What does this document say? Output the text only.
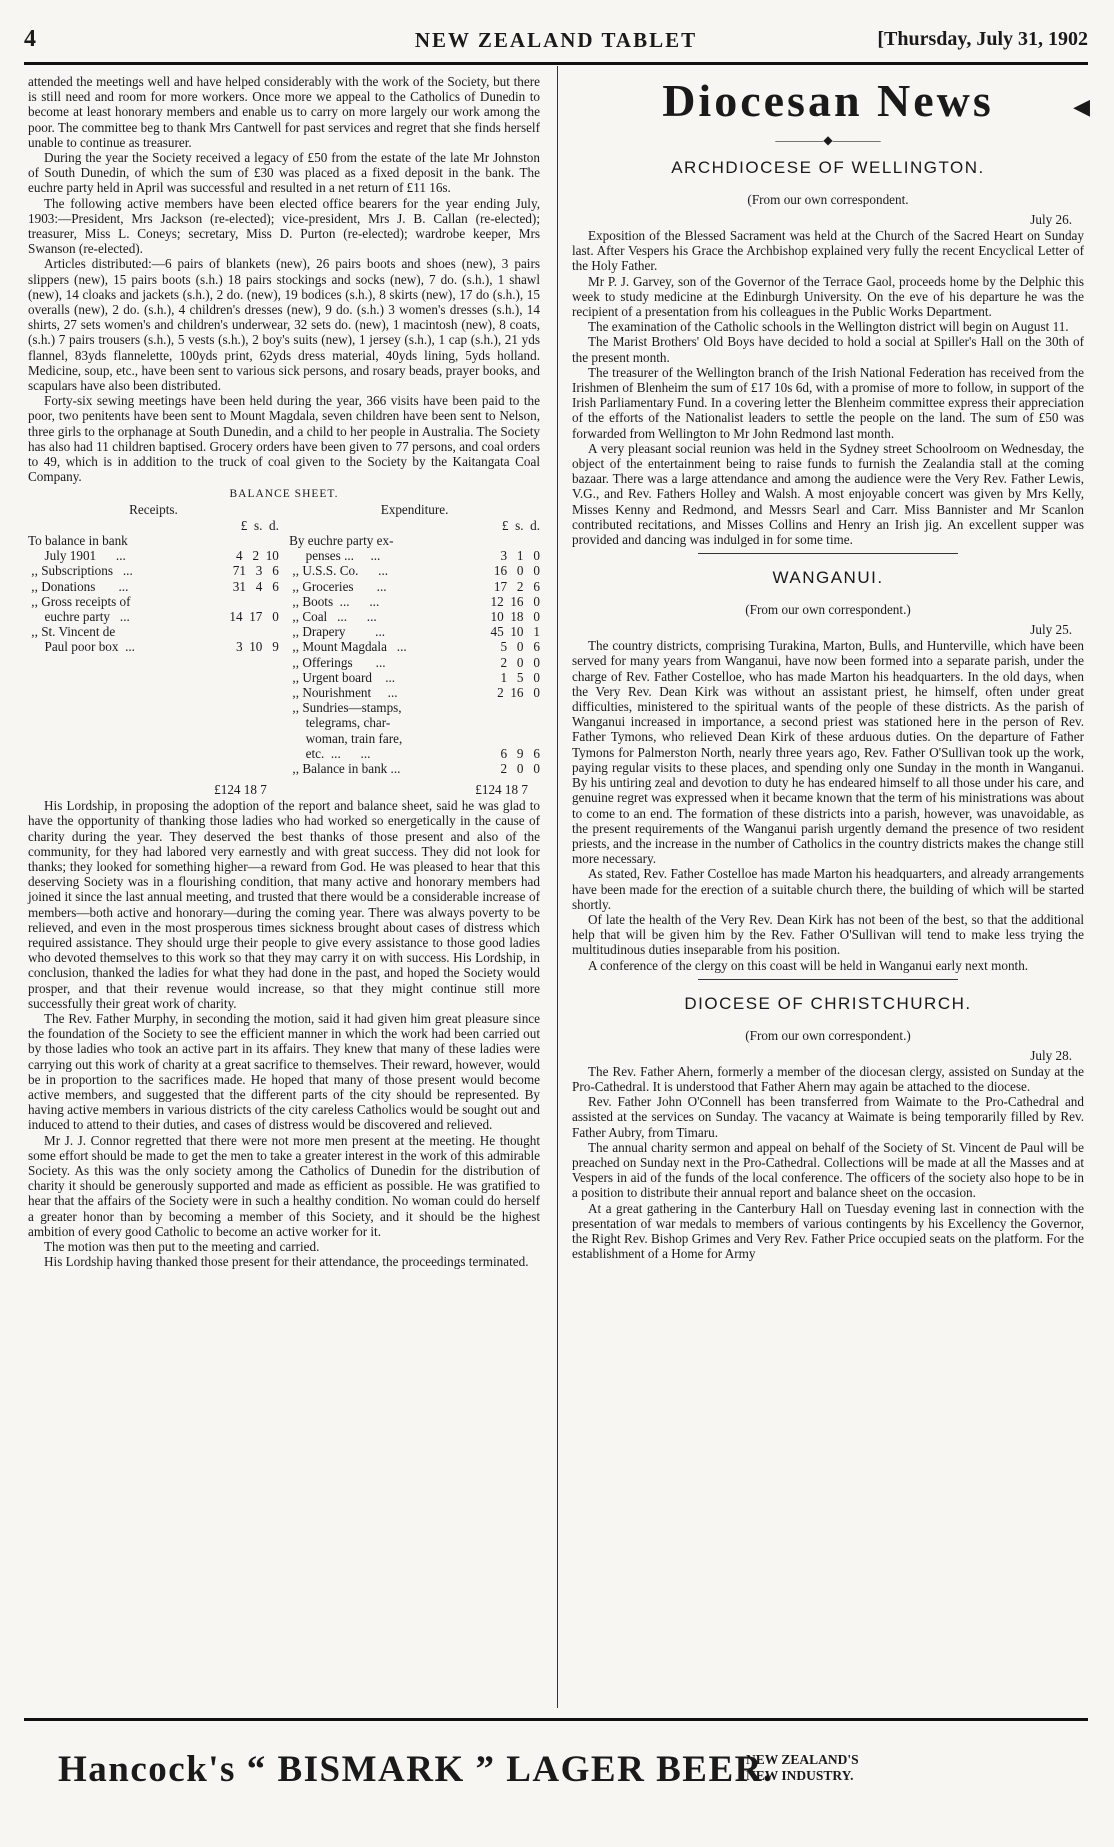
4	NEW ZEALAND TABLET	[Thursday, July 31, 1902

attended the meetings well and have helped considerably with the work of the Society, but there is still need and room for more workers. Once more we appeal to the Catholics of Dunedin to become at least honorary members and enable us to carry on more largely our work among the poor. The committee beg to thank Mrs Cantwell for past services and regret that she finds herself unable to continue as treasurer.

During the year the Society received a legacy of £50 from the estate of the late Mr Johnston of South Dunedin, of which the sum of £30 was placed as a fixed deposit in the bank. The euchre party held in April was successful and resulted in a net return of £11 16s.

The following active members have been elected office bearers for the year ending July, 1903:—President, Mrs Jackson (re-elected); vice-president, Mrs J. B. Callan (re-elected); treasurer, Miss L. Coneys; secretary, Miss D. Purton (re-elected); wardrobe keeper, Mrs Swanson (re-elected).

Articles distributed:—6 pairs of blankets (new), 26 pairs boots and shoes (new), 3 pairs slippers (new), 15 pairs boots (s.h.) 18 pairs stockings and socks (new), 7 do. (s.h.), 1 shawl (new), 14 cloaks and jackets (s.h.), 2 do. (new), 19 bodices (s.h.), 8 skirts (new), 17 do (s.h.), 15 overalls (new), 2 do. (s.h.), 4 children's dresses (new), 9 do. (s.h.) 3 women's dresses (s.h.), 14 shirts, 27 sets women's and children's underwear, 32 sets do. (new), 1 macintosh (new), 8 coats, (s.h.) 7 pairs trousers (s.h.), 5 vests (s.h.), 2 boy's suits (new), 1 jersey (s.h.), 1 cap (s.h.), 21 yds flannel, 83yds flannelette, 100yds print, 62yds dress material, 40yds lining, 5yds holland. Medicine, soup, etc., have been sent to various sick persons, and rosary beads, prayer books, and scapulars have also been distributed.

Forty-six sewing meetings have been held during the year, 366 visits have been paid to the poor, two penitents have been sent to Mount Magdala, seven children have been sent to Nelson, three girls to the orphanage at South Dunedin, and a child to her people in Australia. The Society has also had 11 children baptised. Grocery orders have been given to 77 persons, and coal orders to 49, which is in addition to the truck of coal given to the Society by the Kaitangata Coal Company.

BALANCE SHEET.
Receipts.
£  s.  d.
To balance in bank
July 1901      ...	4   2  10
,, Subscriptions   ...	71   3   6
,, Donations       ...	31   4   6
,, Gross receipts of
euchre party   ...	14  17   0
,, St. Vincent de
Paul poor box  ...	3  10   9
Expenditure.
£  s.  d.
By euchre party ex-
penses ...     ...	3   1   0
,, U.S.S. Co.      ...	16   0   0
,, Groceries       ...	17   2   6
,, Boots  ...      ...	12  16   0
,, Coal   ...      ...	10  18   0
,, Drapery         ...	45  10   1
,, Mount Magdala   ...	5   0   6
,, Offerings       ...	2   0   0
,, Urgent board    ...	1   5   0
,, Nourishment     ...	2  16   0
,, Sundries—stamps,
telegrams, char-
woman, train fare,
etc.  ...      ...	6   9   6
,, Balance in bank ...	2   0   0
£124 18 7	£124 18 7

His Lordship, in proposing the adoption of the report and balance sheet, said he was glad to have the opportunity of thanking those ladies who had worked so energetically in the cause of charity during the year. They deserved the best thanks of those present and also of the community, for they had labored very earnestly and with great success. They did not look for thanks; they looked for something higher—a reward from God. He was pleased to hear that this deserving Society was in a flourishing condition, that many active and honorary members had joined it since the last annual meeting, and trusted that there would be a considerable increase of members—both active and honorary—during the coming year. There was always poverty to be relieved, and even in the most prosperous times sickness brought about cases of distress which required assistance. They should urge their people to give every assistance to those good ladies who devoted themselves to this work so that they may carry it on with success. His Lordship, in conclusion, thanked the ladies for what they had done in the past, and hoped the Society would prosper, and that their revenue would increase, so that they might continue still more successfully their great work of charity.

The Rev. Father Murphy, in seconding the motion, said it had given him great pleasure since the foundation of the Society to see the efficient manner in which the work had been carried out by those ladies who took an active part in its affairs. They knew that many of these ladies were carrying out this work of charity at a great sacrifice to themselves. Their reward, however, would be in proportion to the sacrifices made. He hoped that many of those present would become active members, and suggested that the different parts of the city should be represented. By having active members in various districts of the city careless Catholics would be sought out and induced to attend to their duties, and cases of distress would be discovered and relieved.

Mr J. J. Connor regretted that there were not more men present at the meeting. He thought some effort should be made to get the men to take a greater interest in the work of this admirable Society. As this was the only society among the Catholics of Dunedin for the distribution of charity it should be generously supported and made as efficient as possible. He was gratified to hear that the affairs of the Society were in such a healthy condition. No woman could do herself a greater honor than by becoming a member of this Society, and it should be the highest ambition of every good Catholic to become an active worker for it.

The motion was then put to the meeting and carried.

His Lordship having thanked those present for their attendance, the proceedings terminated.

Diocesan News	◀
————◆————
ARCHDIOCESE OF WELLINGTON.
(From our own correspondent.
July 26.

Exposition of the Blessed Sacrament was held at the Church of the Sacred Heart on Sunday last. After Vespers his Grace the Archbishop explained very fully the recent Encyclical Letter of the Holy Father.

Mr P. J. Garvey, son of the Governor of the Terrace Gaol, proceeds home by the Delphic this week to study medicine at the Edinburgh University. On the eve of his departure he was the recipient of a presentation from his colleagues in the Public Works Department.

The examination of the Catholic schools in the Wellington district will begin on August 11.

The Marist Brothers' Old Boys have decided to hold a social at Spiller's Hall on the 30th of the present month.

The treasurer of the Wellington branch of the Irish National Federation has received from the Irishmen of Blenheim the sum of £17 10s 6d, with a promise of more to follow, in support of the Irish Parliamentary Fund. In a covering letter the Blenheim committee express their appreciation of the efforts of the Nationalist leaders to settle the people on the land. The sum of £50 was forwarded from Wellington to Mr John Redmond last month.

A very pleasant social reunion was held in the Sydney street Schoolroom on Wednesday, the object of the entertainment being to raise funds to furnish the Zealandia stall at the coming bazaar. There was a large attendance and among the audience were the Very Rev. Father Lewis, V.G., and Rev. Fathers Holley and Walsh. A most enjoyable concert was given by Mrs Kelly, Misses Kenny and Redmond, and Messrs Searl and Carr. Miss Bannister and Mr Scanlon contributed recitations, and Misses Collins and Henry an Irish jig. An excellent supper was provided and dancing was indulged in for some time.

WANGANUI.
(From our own correspondent.)
July 25.

The country districts, comprising Turakina, Marton, Bulls, and Hunterville, which have been served for many years from Wanganui, have now been formed into a separate parish, under the charge of Rev. Father Costelloe, who has made Marton his headquarters. In the old days, when the Very Rev. Dean Kirk was without an assistant priest, he himself, often under great difficulties, ministered to the spiritual wants of the people of these districts. As the parish of Wanganui increased in importance, a second priest was stationed here in the person of Rev. Father Tymons, who relieved Dean Kirk of these arduous duties. On the departure of Father Tymons for Palmerston North, nearly three years ago, Rev. Father O'Sullivan took up the work, paying regular visits to these places, and spending only one Sunday in the month in Wanganui. By his untiring zeal and devotion to duty he has endeared himself to all those under his care, and genuine regret was expressed when it became known that the term of his ministrations was about to come to an end. The formation of these districts into a parish, however, was unavoidable, as the present requirements of the Wanganui parish urgently demand the presence of two resident priests, and the increase in the number of Catholics in the country districts makes the change still more necessary.

As stated, Rev. Father Costelloe has made Marton his headquarters, and already arrangements have been made for the erection of a suitable church there, the building of which will be started shortly.

Of late the health of the Very Rev. Dean Kirk has not been of the best, so that the additional help that will be given him by the Rev. Father O'Sullivan will tend to make less trying the multitudinous duties inseparable from his position.

A conference of the clergy on this coast will be held in Wanganui early next month.

DIOCESE OF CHRISTCHURCH.
(From our own correspondent.)
July 28.

The Rev. Father Ahern, formerly a member of the diocesan clergy, assisted on Sunday at the Pro-Cathedral. It is understood that Father Ahern may again be attached to the diocese.

Rev. Father John O'Connell has been transferred from Waimate to the Pro-Cathedral and assisted at the services on Sunday. The vacancy at Waimate is being temporarily filled by Rev. Father Aubry, from Timaru.

The annual charity sermon and appeal on behalf of the Society of St. Vincent de Paul will be preached on Sunday next in the Pro-Cathedral. Collections will be made at all the Masses and at Vespers in aid of the funds of the local conference. The officers of the society also hope to be in a position to distribute their annual report and balance sheet on the occasion.

At a great gathering in the Canterbury Hall on Tuesday evening last in connection with the presentation of war medals to members of various contingents by his Excellency the Governor, the Right Rev. Bishop Grimes and Very Rev. Father Price occupied seats on the platform. For the establishment of a Home for Army

Hancock's “ BISMARK ” LAGER BEER.
NEW ZEALAND'S
NEW INDUSTRY.
